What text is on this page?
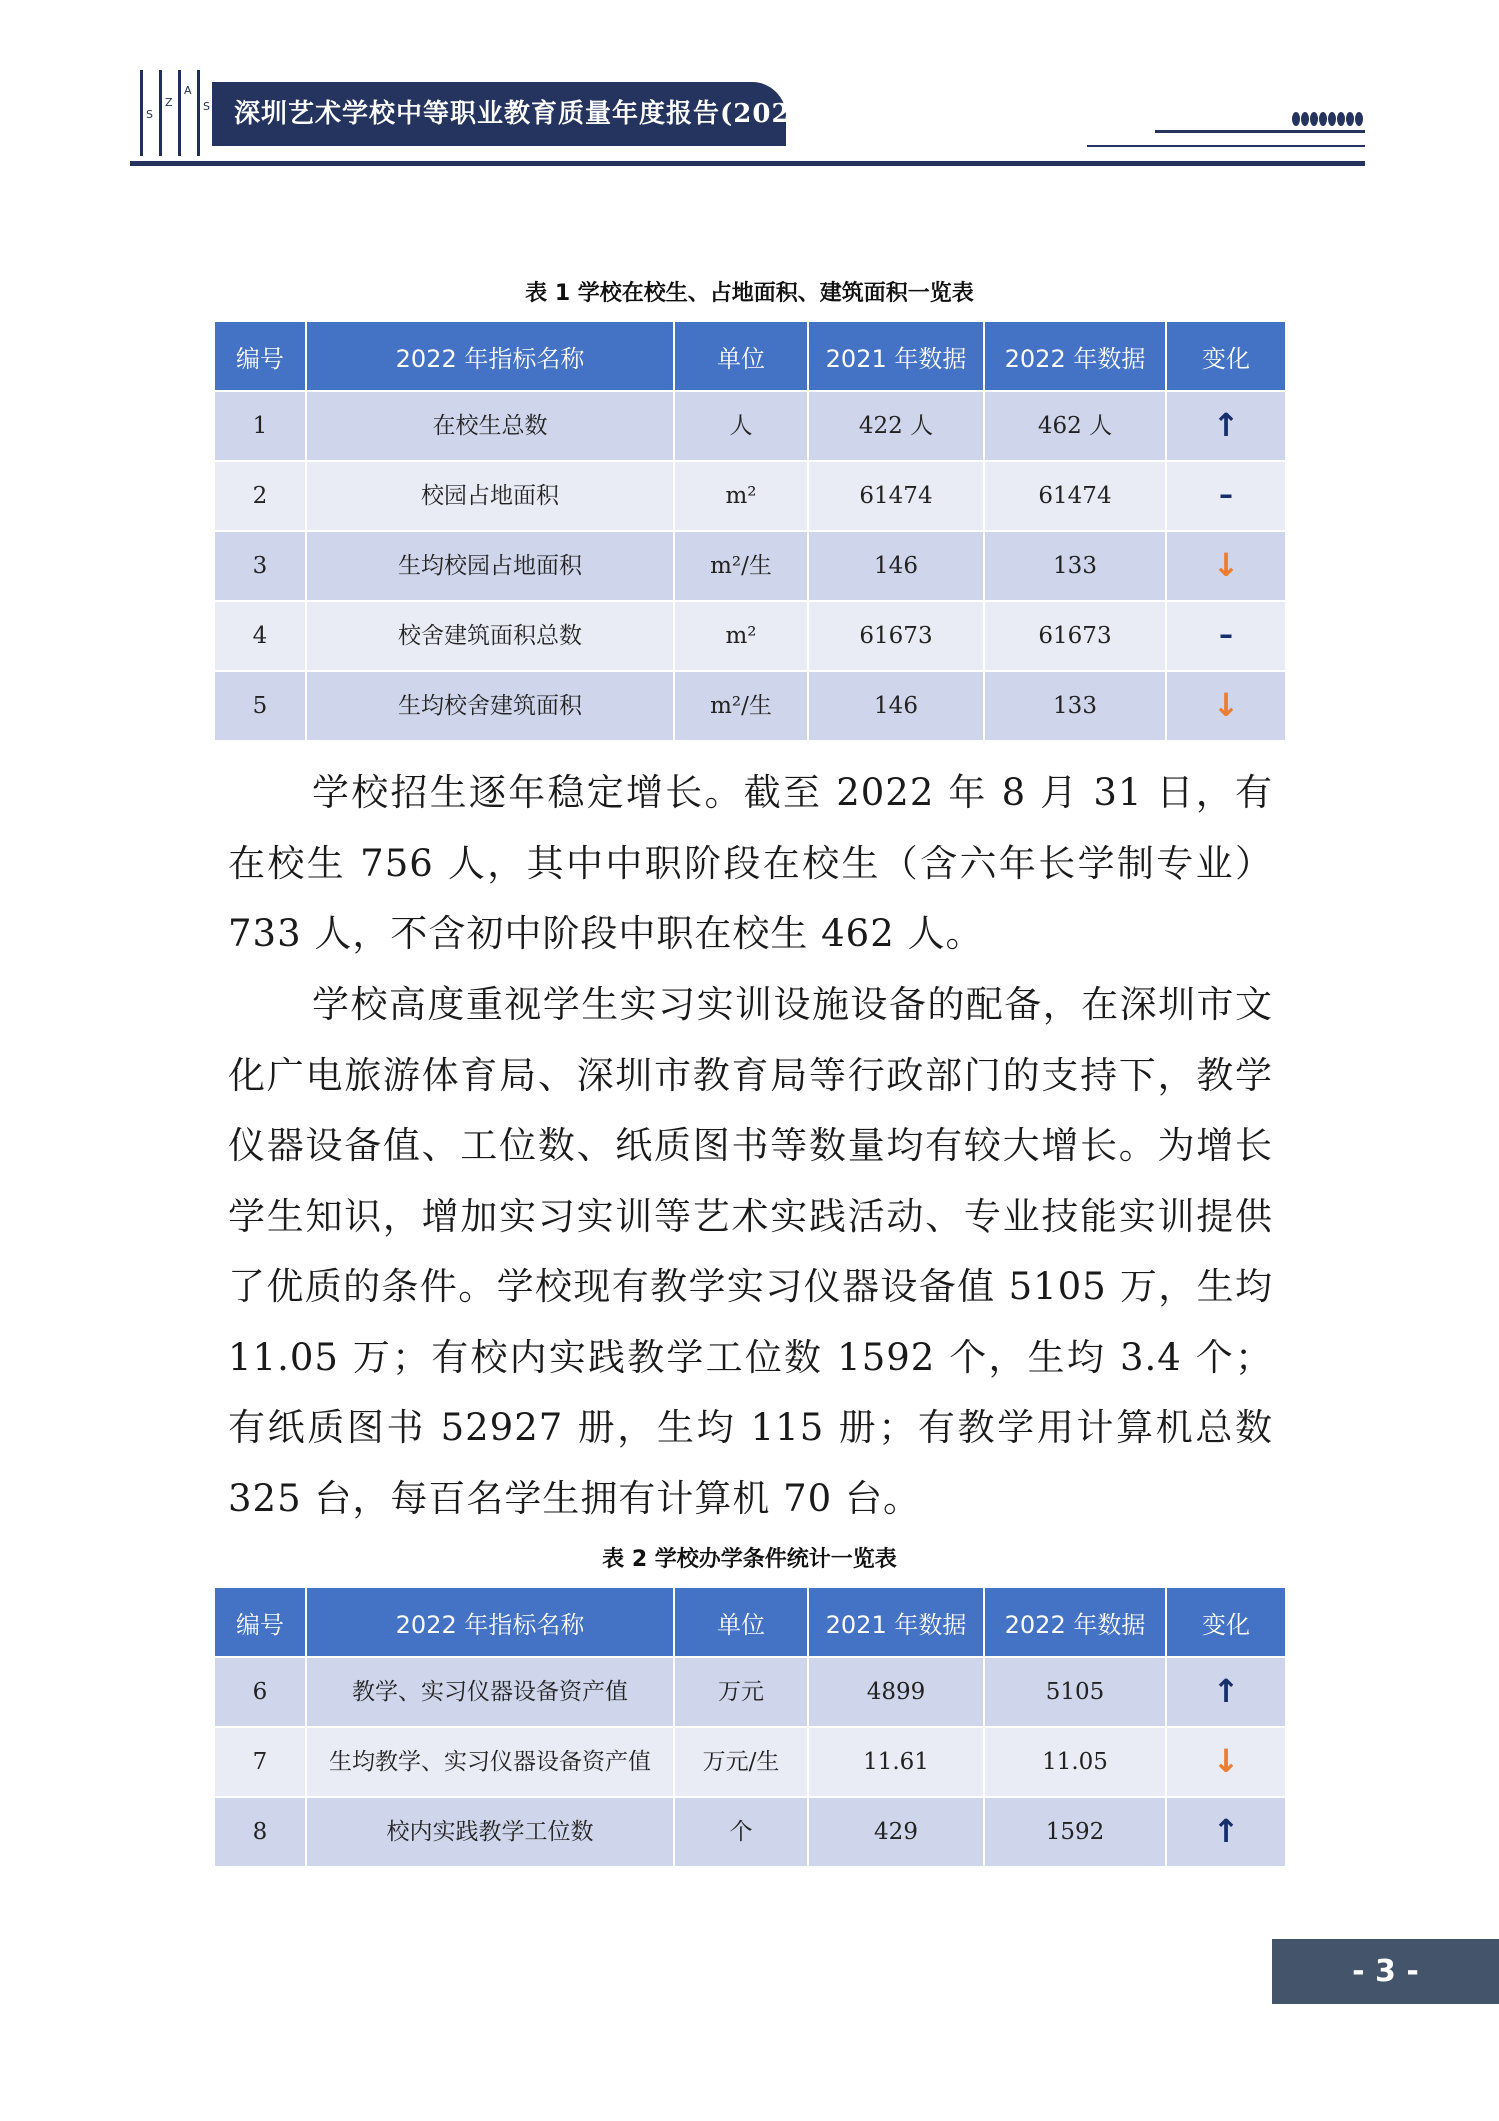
S
Z
A
S 深圳艺术学校中等职业教育质量年度报告(2023)
表 1 学校在校生、占地面积、建筑面积一览表
编号	2022 年指标名称	单位	2021 年数据	2022 年数据	变化
1	在校生总数	人	422 人	462 人	↑
2	校园占地面积	m²	61474	61474	–
3	生均校园占地面积	m²/生	146	133	↓
4	校舍建筑面积总数	m²	61673	61673	–
5	生均校舍建筑面积	m²/生	146	133	↓
学校招生逐年稳定增长。截至 2022 年 8 月 31 日，有在校生 756 人，其中中职阶段在校生（含六年长学制专业）733 人，不含初中阶段中职在校生 462 人。
学校高度重视学生实习实训设施设备的配备，在深圳市文化广电旅游体育局、深圳市教育局等行政部门的支持下，教学仪器设备值、工位数、纸质图书等数量均有较大增长。为增长学生知识，增加实习实训等艺术实践活动、专业技能实训提供了优质的条件。学校现有教学实习仪器设备值 5105 万，生均 11.05 万；有校内实践教学工位数 1592 个，生均 3.4 个；有纸质图书 52927 册，生均 115 册；有教学用计算机总数 325 台，每百名学生拥有计算机 70 台。
表 2 学校办学条件统计一览表
编号	2022 年指标名称	单位	2021 年数据	2022 年数据	变化
6	教学、实习仪器设备资产值	万元	4899	5105	↑
7	生均教学、实习仪器设备资产值	万元/生	11.61	11.05	↓
8	校内实践教学工位数	个	429	1592	↑
- 3 -
